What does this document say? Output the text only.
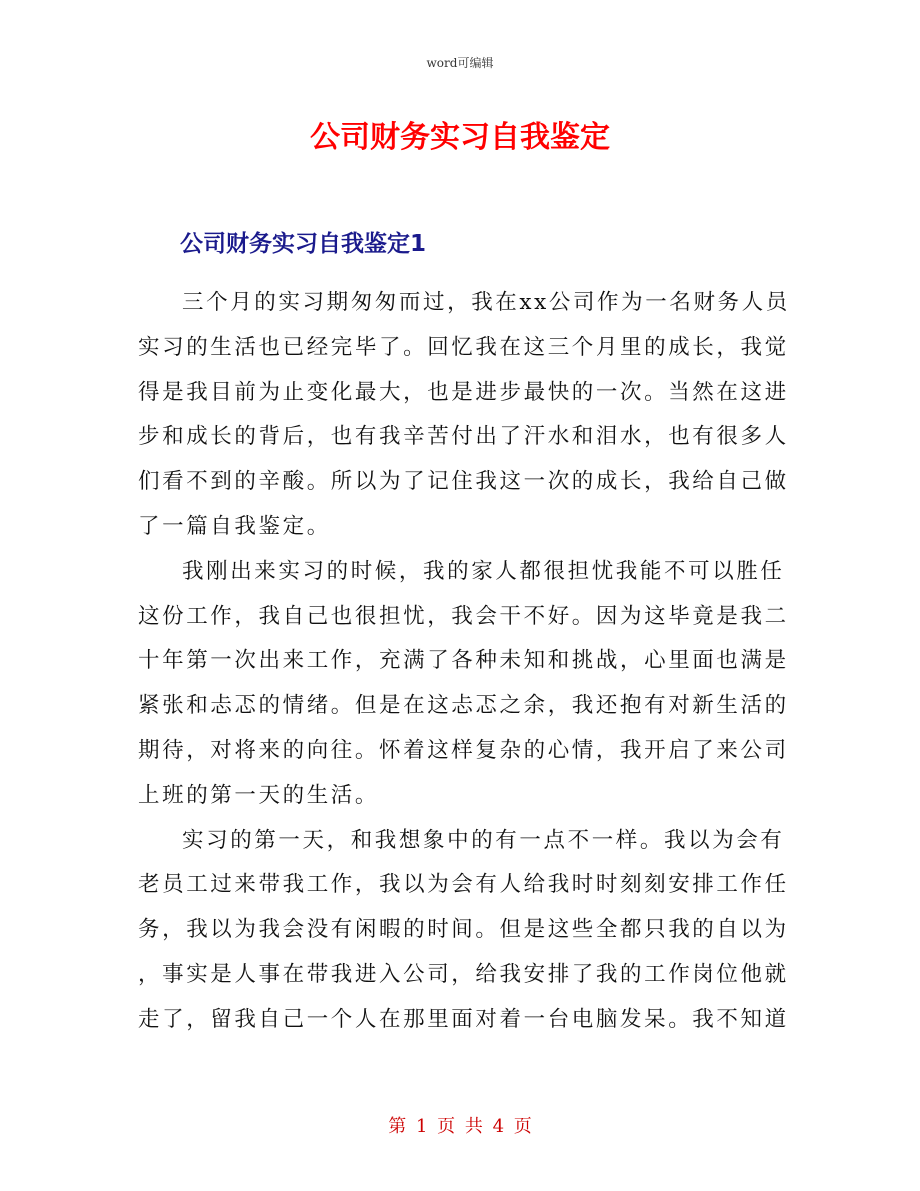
word可编辑
公司财务实习自我鉴定
公司财务实习自我鉴定1
三个月的实习期匆匆而过，我在xx公司作为一名财务人员
实习的生活也已经完毕了。回忆我在这三个月里的成长，我觉
得是我目前为止变化最大，也是进步最快的一次。当然在这进
步和成长的背后，也有我辛苦付出了汗水和泪水，也有很多人
们看不到的辛酸。所以为了记住我这一次的成长，我给自己做
了一篇自我鉴定。
我刚出来实习的时候，我的家人都很担忧我能不可以胜任
这份工作，我自己也很担忧，我会干不好。因为这毕竟是我二
十年第一次出来工作，充满了各种未知和挑战，心里面也满是
紧张和忐忑的情绪。但是在这忐忑之余，我还抱有对新生活的
期待，对将来的向往。怀着这样复杂的心情，我开启了来公司
上班的第一天的生活。
实习的第一天，和我想象中的有一点不一样。我以为会有
老员工过来带我工作，我以为会有人给我时时刻刻安排工作任
务，我以为我会没有闲暇的时间。但是这些全都只我的自以为
，事实是人事在带我进入公司，给我安排了我的工作岗位他就
走了，留我自己一个人在那里面对着一台电脑发呆。我不知道
第 1 页 共 4 页
